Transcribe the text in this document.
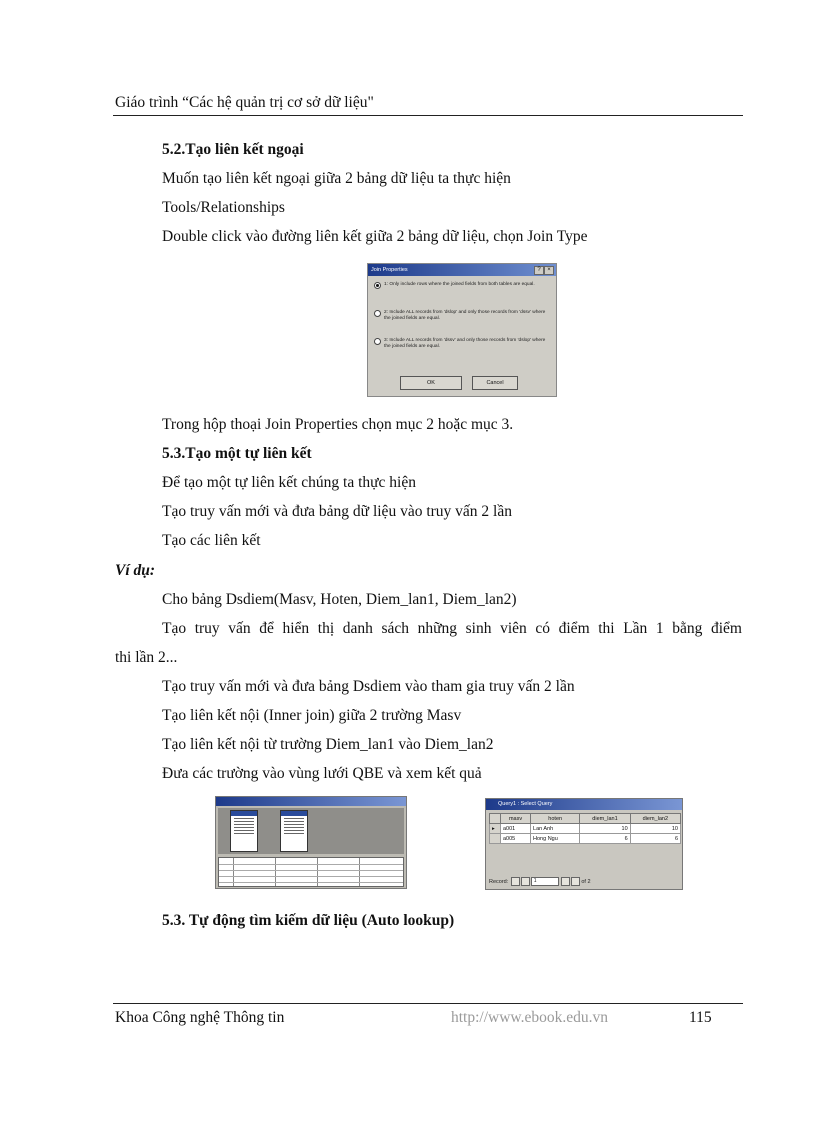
Giáo trình “Các hệ quản trị cơ sở dữ liệu"
5.2.Tạo liên kết ngoại
Muốn tạo liên kết ngoại giữa 2 bảng dữ liệu ta thực hiện
Tools/Relationships
Double click vào đường liên kết giữa 2 bảng dữ liệu, chọn Join Type
Join Properties	?	×
1: Only include rows where the joined fields from both tables are equal.
2: Include ALL records from 'dslop' and only those records from 'dssv' where the joined fields are equal.
3: Include ALL records from 'dssv' and only those records from 'dslop' where the joined fields are equal.
OK	Cancel
Trong hộp thoại Join Properties chọn mục 2 hoặc mục 3.
5.3.Tạo một tự liên kết
Để tạo một tự liên kết chúng ta thực hiện
Tạo truy vấn mới và đưa bảng dữ liệu vào truy vấn 2 lần
Tạo các liên kết
Ví dụ:
Cho bảng Dsdiem(Masv, Hoten, Diem_lan1, Diem_lan2)
Tạo truy vấn để hiển thị danh sách những sinh viên có điểm thi Lần 1 bằng điểm
thi lần 2...
Tạo truy vấn mới và đưa bảng Dsdiem vào tham gia truy vấn 2 lần
Tạo liên kết nội (Inner join) giữa 2 trường Masv
Tạo liên kết nội từ trường Diem_lan1 vào Diem_lan2
Đưa các trường vào vùng lưới QBE và xem kết quả
Query1 : Select Query
	masv	hoten	diem_lan1	diem_lan2
▸	a001	Lan Anh	10	10
	a005	Hong Ngu	6	6
Record:	1	of 2
5.3. Tự động tìm kiếm dữ liệu (Auto lookup)
Khoa Công nghệ Thông tin	http://www.ebook.edu.vn	115
